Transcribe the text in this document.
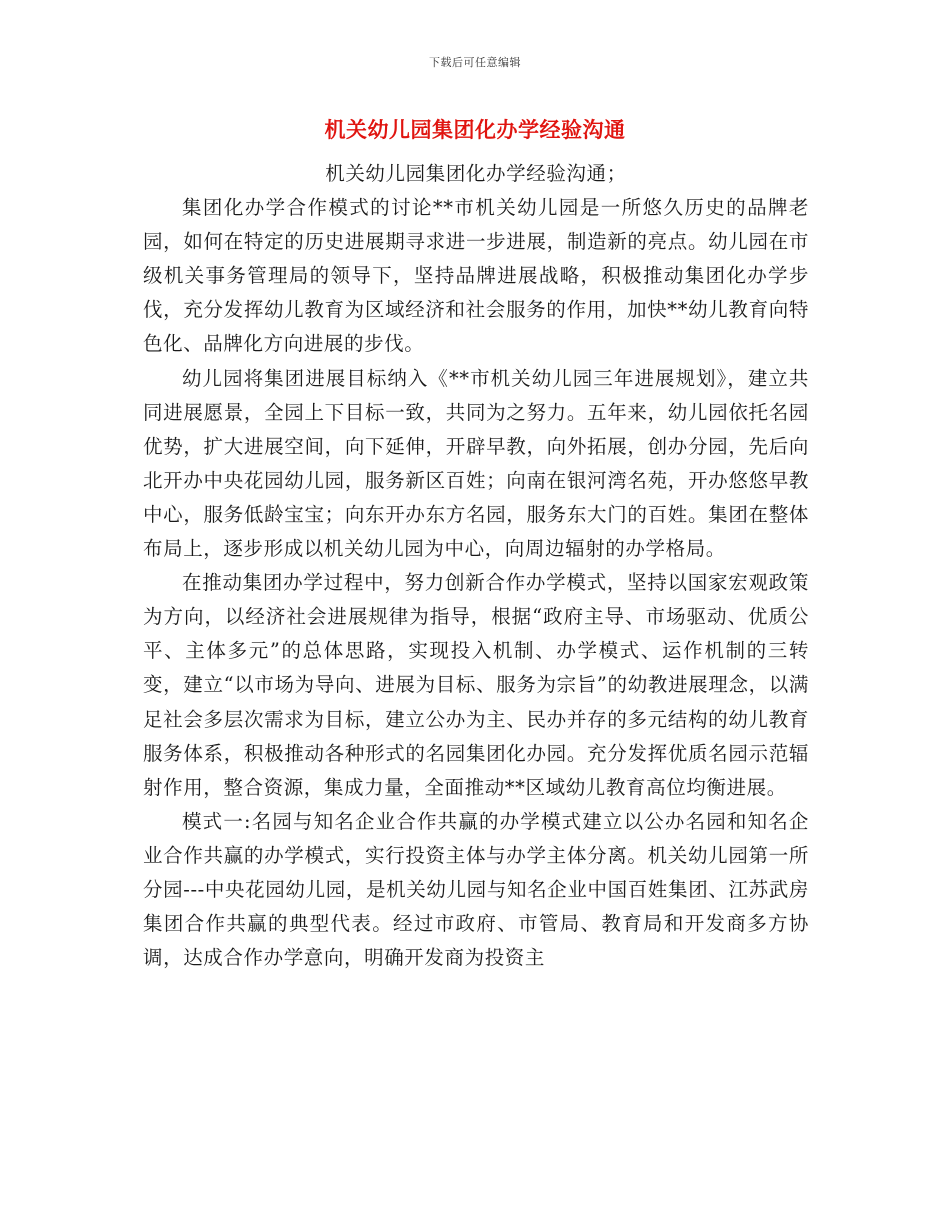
下载后可任意编辑
机关幼儿园集团化办学经验沟通

机关幼儿园集团化办学经验沟通；

集团化办学合作模式的讨论**市机关幼儿园是一所悠久历史的品牌老园，如何在特定的历史进展期寻求进一步进展，制造新的亮点。幼儿园在市级机关事务管理局的领导下，坚持品牌进展战略，积极推动集团化办学步伐，充分发挥幼儿教育为区域经济和社会服务的作用，加快**幼儿教育向特色化、品牌化方向进展的步伐。

幼儿园将集团进展目标纳入《**市机关幼儿园三年进展规划》，建立共同进展愿景，全园上下目标一致，共同为之努力。五年来，幼儿园依托名园优势，扩大进展空间，向下延伸，开辟早教，向外拓展，创办分园，先后向北开办中央花园幼儿园，服务新区百姓；向南在银河湾名苑，开办悠悠早教中心，服务低龄宝宝；向东开办东方名园，服务东大门的百姓。集团在整体布局上，逐步形成以机关幼儿园为中心，向周边辐射的办学格局。

在推动集团办学过程中，努力创新合作办学模式，坚持以国家宏观政策为方向，以经济社会进展规律为指导，根据“政府主导、市场驱动、优质公平、主体多元”的总体思路，实现投入机制、办学模式、运作机制的三转变，建立“以市场为导向、进展为目标、服务为宗旨”的幼教进展理念，以满足社会多层次需求为目标，建立公办为主、民办并存的多元结构的幼儿教育服务体系，积极推动各种形式的名园集团化办园。充分发挥优质名园示范辐射作用，整合资源，集成力量，全面推动**区域幼儿教育高位均衡进展。

模式一:名园与知名企业合作共赢的办学模式建立以公办名园和知名企业合作共赢的办学模式，实行投资主体与办学主体分离。机关幼儿园第一所分园---中央花园幼儿园，是机关幼儿园与知名企业中国百姓集团、江苏武房集团合作共赢的典型代表。经过市政府、市管局、教育局和开发商多方协调，达成合作办学意向，明确开发商为投资主
